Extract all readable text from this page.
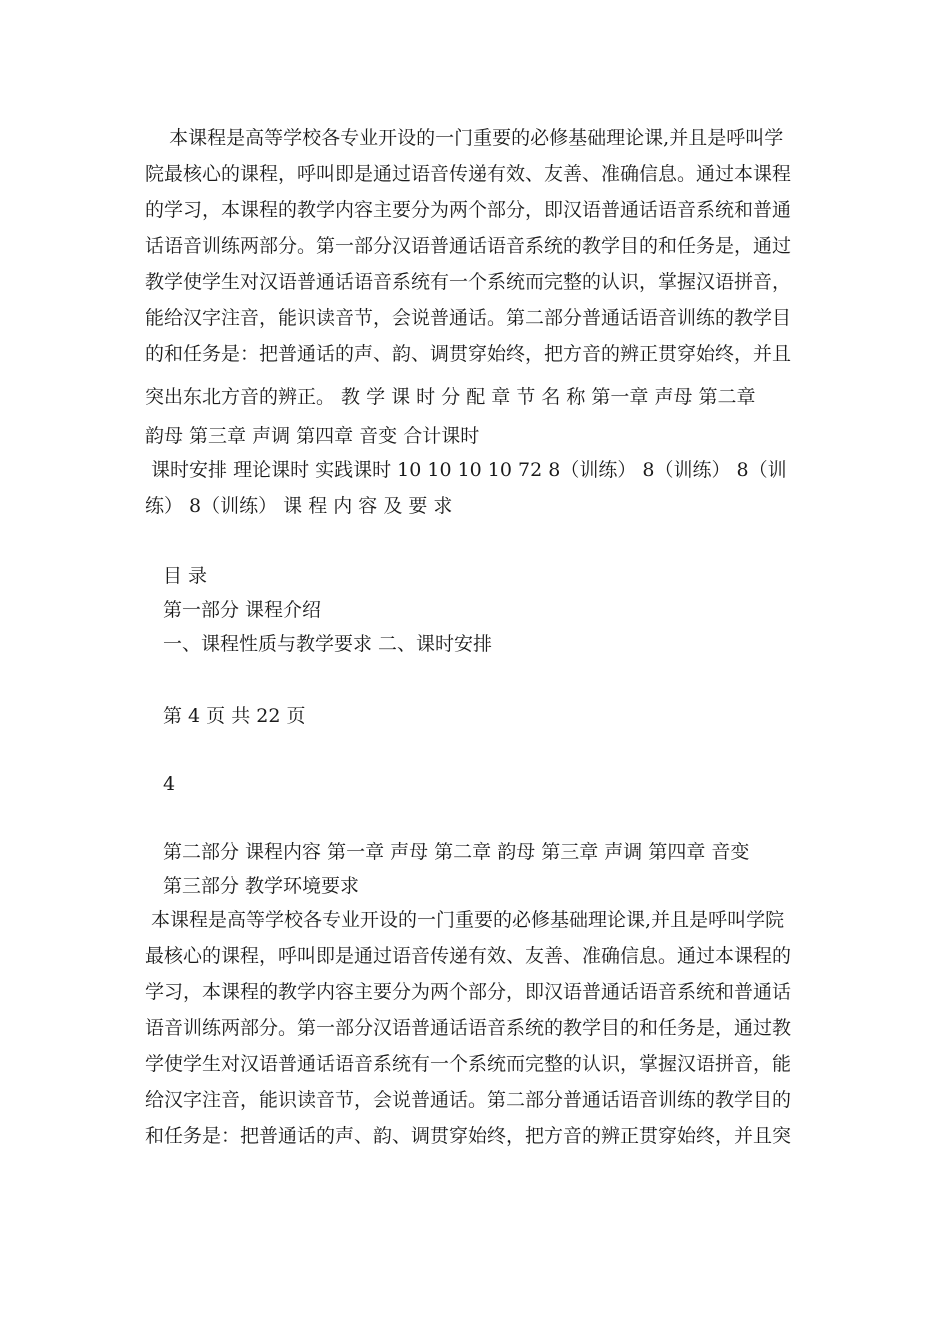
本课程是高等学校各专业开设的一门重要的必修基础理论课,并且是呼叫学
院最核心的课程，呼叫即是通过语音传递有效、友善、准确信息。通过本课程
的学习，本课程的教学内容主要分为两个部分，即汉语普通话语音系统和普通
话语音训练两部分。第一部分汉语普通话语音系统的教学目的和任务是，通过
教学使学生对汉语普通话语音系统有一个系统而完整的认识，掌握汉语拼音，
能给汉字注音，能识读音节，会说普通话。第二部分普通话语音训练的教学目
的和任务是：把普通话的声、韵、调贯穿始终，把方音的辨正贯穿始终，并且
突出东北方音的辨正。 教 学 课 时 分 配 章 节 名 称 第一章 声母 第二章
韵母 第三章 声调 第四章 音变 合计课时
课时安排 理论课时 实践课时 10 10 10 10 72 8（训练） 8（训练） 8（训
练） 8（训练） 课 程 内 容 及 要 求
目 录
第一部分 课程介绍
一、课程性质与教学要求 二、课时安排
第 4 页 共 22 页
4
第二部分 课程内容 第一章 声母 第二章 韵母 第三章 声调 第四章 音变
第三部分 教学环境要求
本课程是高等学校各专业开设的一门重要的必修基础理论课,并且是呼叫学院
最核心的课程，呼叫即是通过语音传递有效、友善、准确信息。通过本课程的
学习，本课程的教学内容主要分为两个部分，即汉语普通话语音系统和普通话
语音训练两部分。第一部分汉语普通话语音系统的教学目的和任务是，通过教
学使学生对汉语普通话语音系统有一个系统而完整的认识，掌握汉语拼音，能
给汉字注音，能识读音节，会说普通话。第二部分普通话语音训练的教学目的
和任务是：把普通话的声、韵、调贯穿始终，把方音的辨正贯穿始终，并且突
